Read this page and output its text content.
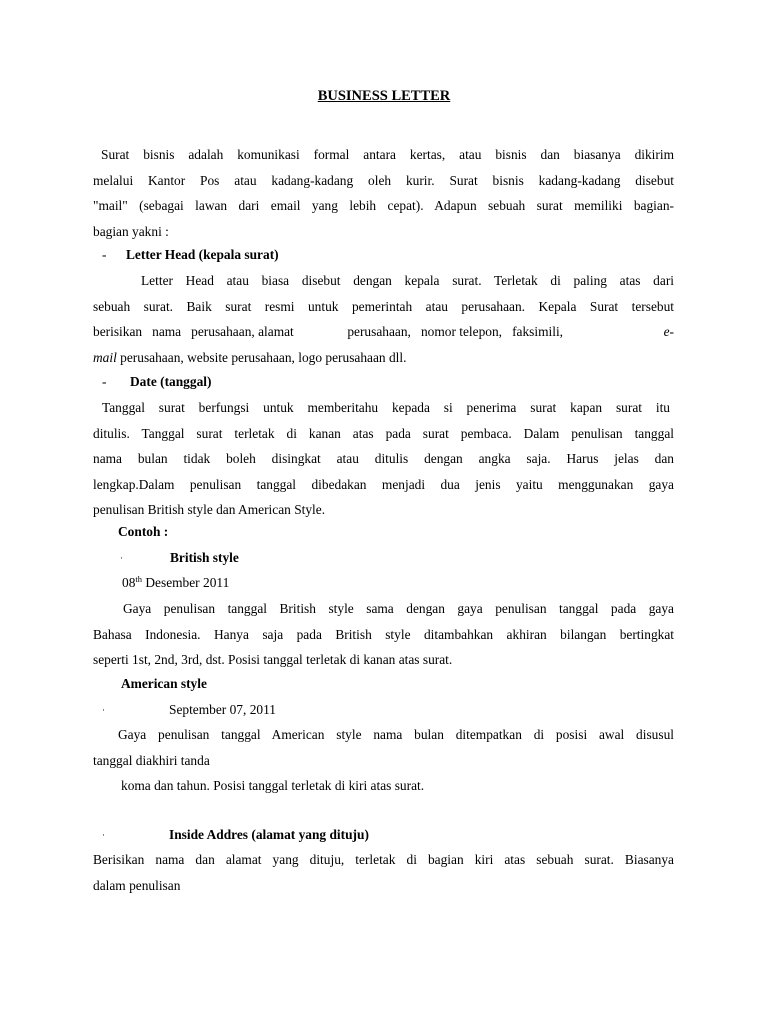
BUSINESS LETTER
Surat bisnis adalah komunikasi formal antara kertas, atau bisnis dan biasanya dikirim
melalui Kantor Pos atau kadang-kadang oleh kurir. Surat bisnis kadang-kadang disebut
"mail" (sebagai lawan dari email yang lebih cepat). Adapun sebuah surat memiliki bagian-
bagian yakni :
- Letter Head (kepala surat)
Letter Head atau biasa disebut dengan kepala surat. Terletak di paling atas dari
sebuah surat. Baik surat resmi untuk pemerintah atau perusahaan. Kepala Surat tersebut
berisikan   nama   perusahaan, alamat                perusahaan,   nomor telepon,   faksimili,	e-
mail perusahaan, website perusahaan, logo perusahaan dll.
- Date (tanggal)
Tanggal surat berfungsi untuk memberitahu kepada si penerima surat kapan surat itu
ditulis. Tanggal surat terletak di kanan atas pada surat pembaca. Dalam penulisan tanggal
nama bulan tidak boleh disingkat atau ditulis dengan angka saja. Harus jelas dan
lengkap.Dalam penulisan tanggal dibedakan menjadi dua jenis yaitu menggunakan gaya
penulisan British style dan American Style.
Contoh :
·	British style
08th Desember 2011
Gaya penulisan tanggal British style sama dengan gaya penulisan tanggal pada gaya
Bahasa Indonesia. Hanya saja pada British style ditambahkan akhiran bilangan bertingkat
seperti 1st, 2nd, 3rd, dst. Posisi tanggal terletak di kanan atas surat.
American style
·	September 07, 2011
Gaya penulisan tanggal American style nama bulan ditempatkan di posisi awal disusul
tanggal diakhiri tanda
koma dan tahun. Posisi tanggal terletak di kiri atas surat.
·	Inside Addres (alamat yang dituju)
Berisikan nama dan alamat yang dituju, terletak di bagian kiri atas sebuah surat. Biasanya
dalam penulisan
